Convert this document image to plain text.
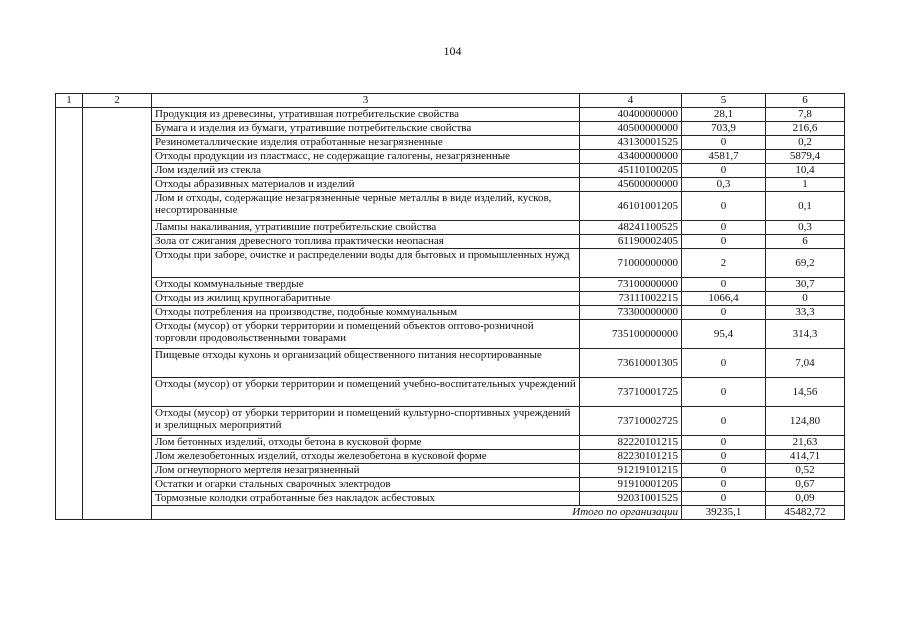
104
1	2	3	4	5	6
		Продукция из древесины, утратившая потребительские свойства	40400000000	28,1	7,8
		Бумага и изделия из бумаги, утратившие потребительские свойства	40500000000	703,9	216,6
		Резинометаллические изделия отработанные незагрязненные	43130001525	0	0,2
		Отходы продукции из пластмасс, не содержащие галогены, незагрязненные	43400000000	4581,7	5879,4
		Лом изделий из стекла	45110100205	0	10,4
		Отходы абразивных материалов и изделий	45600000000	0,3	1
		Лом и отходы, содержащие незагрязненные черные металлы в виде изделий, кусков, несортированные	46101001205	0	0,1
		Лампы накаливания, утратившие потребительские свойства	48241100525	0	0,3
		Зола от сжигания древесного топлива практически неопасная	61190002405	0	6
		Отходы при заборе, очистке и распределении воды для бытовых и промышленных нужд	71000000000	2	69,2
		Отходы коммунальные твердые	73100000000	0	30,7
		Отходы из жилищ крупногабаритные	73111002215	1066,4	0
		Отходы потребления на производстве, подобные коммунальным	73300000000	0	33,3
		Отходы (мусор) от уборки территории и помещений объектов оптово-розничной торговли продовольственными товарами	735100000000	95,4	314,3
		Пищевые отходы кухонь и организаций общественного питания несортированные	73610001305	0	7,04
		Отходы (мусор) от уборки территории и помещений учебно-воспитательных учреждений	73710001725	0	14,56
		Отходы (мусор) от уборки территории и помещений культурно-спортивных учреждений и зрелищных мероприятий	73710002725	0	124,80
		Лом бетонных изделий, отходы бетона в кусковой форме	82220101215	0	21,63
		Лом железобетонных изделий, отходы железобетона в кусковой форме	82230101215	0	414,71
		Лом огнеупорного мертеля незагрязненный	91219101215	0	0,52
		Остатки и огарки стальных сварочных электродов	91910001205	0	0,67
		Тормозные колодки отработанные без накладок асбестовых	92031001525	0	0,09
		Итого по организации		39235,1	45482,72
